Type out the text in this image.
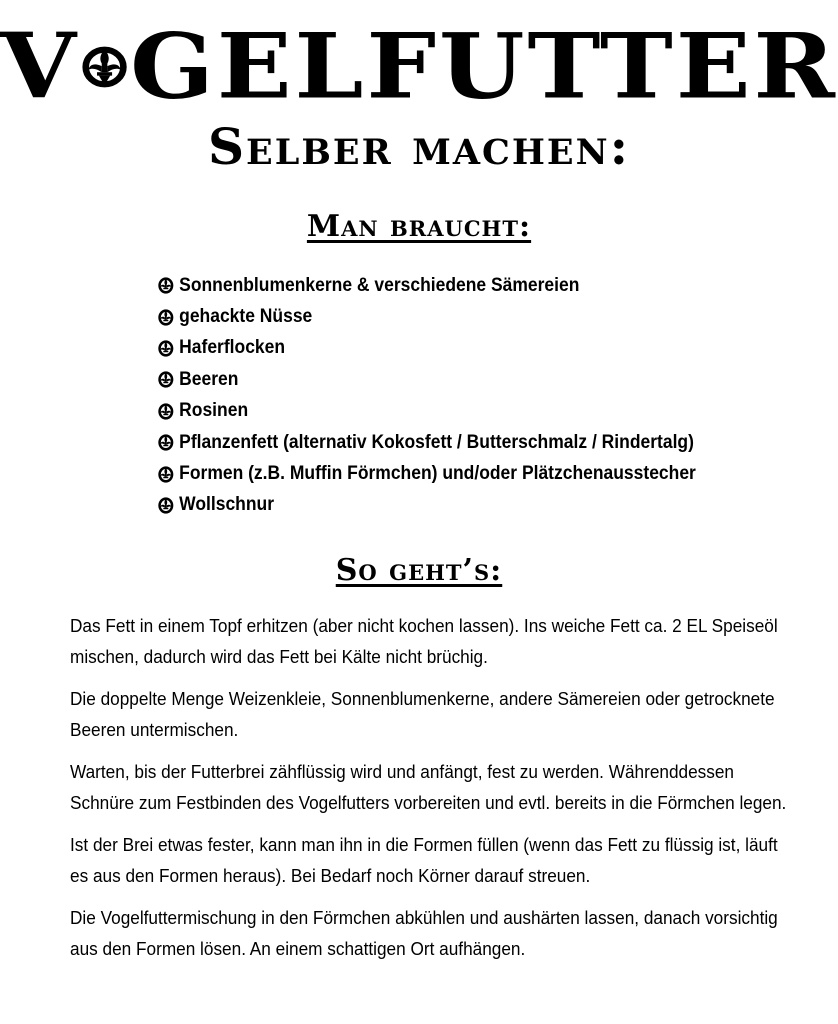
V GELFUTTER
Selber machen:
Man braucht:
Sonnenblumenkerne & verschiedene Sämereien
gehackte Nüsse
Haferflocken
Beeren
Rosinen
Pflanzenfett (alternativ Kokosfett / Butterschmalz / Rindertalg)
Formen (z.B. Muffin Förmchen) und/oder Plätzchenausstecher
Wollschnur
So geht’s:

Das Fett in einem Topf erhitzen (aber nicht kochen lassen). Ins weiche Fett ca. 2 EL Speiseöl mischen, dadurch wird das Fett bei Kälte nicht brüchig.

Die doppelte Menge Weizenkleie, Sonnenblumenkerne, andere Sämereien oder getrocknete Beeren untermischen.

Warten, bis der Futterbrei zähflüssig wird und anfängt, fest zu werden. Währenddessen Schnüre zum Festbinden des Vogelfutters vorbereiten und evtl. bereits in die Förmchen legen.

Ist der Brei etwas fester, kann man ihn in die Formen füllen (wenn das Fett zu flüssig ist, läuft es aus den Formen heraus). Bei Bedarf noch Körner darauf streuen.

Die Vogelfuttermischung in den Förmchen abkühlen und aushärten lassen, danach vorsichtig aus den Formen lösen. An einem schattigen Ort aufhängen.
